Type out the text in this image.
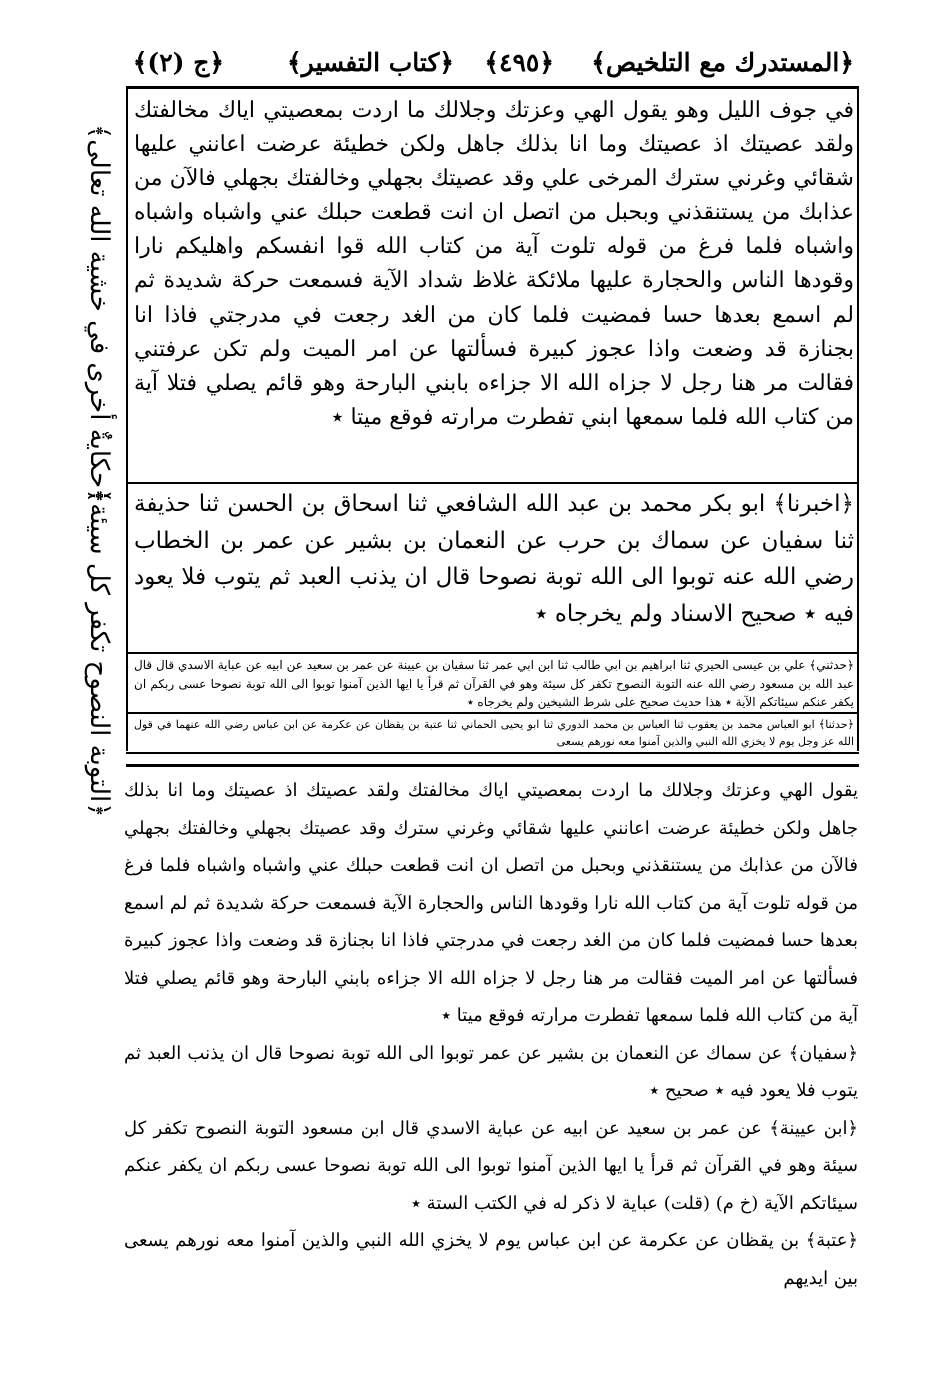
﴿المستدرك مع التلخيص﴾
﴿٤٩٥﴾
﴿كتاب التفسير﴾
﴿ج (٢)﴾
﴿حكايةٌ أخرى في خشية الله تعالى﴾
﴿التوبة النصوح تكفر كل سيئة﴾

في جوف الليل وهو يقول الهي وعزتك وجلالك ما اردت بمعصيتي اياك مخالفتك ولقد عصيتك اذ عصيتك وما انا بذلك جاهل ولكن خطيئة عرضت اعانني عليها شقائي وغرني سترك المرخى علي وقد عصيتك بجهلي وخالفتك بجهلي فالآن من عذابك من يستنقذني وبحبل من اتصل ان انت قطعت حبلك عني واشباه واشباه واشباه فلما فرغ من قوله تلوت آية من كتاب الله قوا انفسكم واهليكم نارا وقودها الناس والحجارة عليها ملائكة غلاظ شداد الآية فسمعت حركة شديدة ثم لم اسمع بعدها حسا فمضيت فلما كان من الغد رجعت في مدرجتي فاذا انا بجنازة قد وضعت واذا عجوز كبيرة فسألتها عن امر الميت ولم تكن عرفتني فقالت مر هنا رجل لا جزاه الله الا جزاءه بابني البارحة وهو قائم يصلي فتلا آية من كتاب الله فلما سمعها ابني تفطرت مرارته فوقع ميتا ٭

﴿اخبرنا﴾ ابو بكر محمد بن عبد الله الشافعي ثنا اسحاق بن الحسن ثنا حذيفة ثنا سفيان عن سماك بن حرب عن النعمان بن بشير عن عمر بن الخطاب رضي الله عنه توبوا الى الله توبة نصوحا قال ان يذنب العبد ثم يتوب فلا يعود فيه ٭ صحيح الاسناد ولم يخرجاه ٭

يقول الهي وعزتك وجلالك ما اردت بمعصيتي اياك مخالفتك ولقد عصيتك اذ عصيتك وما انا بذلك جاهل ولكن خطيئة عرضت اعانني عليها شقائي وغرني سترك وقد عصيتك بجهلي وخالفتك بجهلي فالآن من عذابك من يستنقذني وبحبل من اتصل ان انت قطعت حبلك عني واشباه واشباه فلما فرغ من قوله تلوت آية من كتاب الله نارا وقودها الناس والحجارة الآية فسمعت حركة شديدة ثم لم اسمع بعدها حسا فمضيت فلما كان من الغد رجعت في مدرجتي فاذا انا بجنازة قد وضعت واذا عجوز كبيرة فسألتها عن امر الميت فقالت مر هنا رجل لا جزاه الله الا جزاءه بابني البارحة وهو قائم يصلي فتلا آية من كتاب الله فلما سمعها تفطرت مرارته فوقع ميتا ٭

﴿سفيان﴾ عن سماك عن النعمان بن بشير عن عمر توبوا الى الله توبة نصوحا قال ان يذنب العبد ثم يتوب فلا يعود فيه ٭ صحيح ٭

﴿ابن عيينة﴾ عن عمر بن سعيد عن ابيه عن عباية الاسدي قال ابن مسعود التوبة النصوح تكفر كل سيئة وهو في القرآن ثم قرأ يا ايها الذين آمنوا توبوا الى الله توبة نصوحا عسى ربكم ان يكفر عنكم سيئاتكم الآية (خ م) (قلت) عباية لا ذكر له في الكتب الستة ٭

﴿عتبة﴾ بن يقظان عن عكرمة عن ابن عباس يوم لا يخزي الله النبي والذين آمنوا معه نورهم يسعى بين ايديهم

﴿حدثني﴾ علي بن عيسى الحيري ثنا ابراهيم بن ابي طالب ثنا ابن ابي عمر ثنا سفيان بن عيينة عن عمر بن سعيد عن ابيه عن عباية الاسدي قال قال عبد الله بن مسعود رضي الله عنه التوبة النصوح تكفر كل سيئة وهو في القرآن ثم قرأ يا ايها الذين آمنوا توبوا الى الله توبة نصوحا عسى ربكم ان يكفر عنكم سيئاتكم الآية ٭ هذا حديث صحيح على شرط الشيخين ولم يخرجاه ٭

﴿حدثنا﴾ ابو العباس محمد بن يعقوب ثنا العباس بن محمد الدوري ثنا ابو يحيى الحماني ثنا عتبة بن يقظان عن عكرمة عن ابن عباس رضي الله عنهما في قول الله عز وجل يوم لا يخزي الله النبي والذين آمنوا معه نورهم يسعى
